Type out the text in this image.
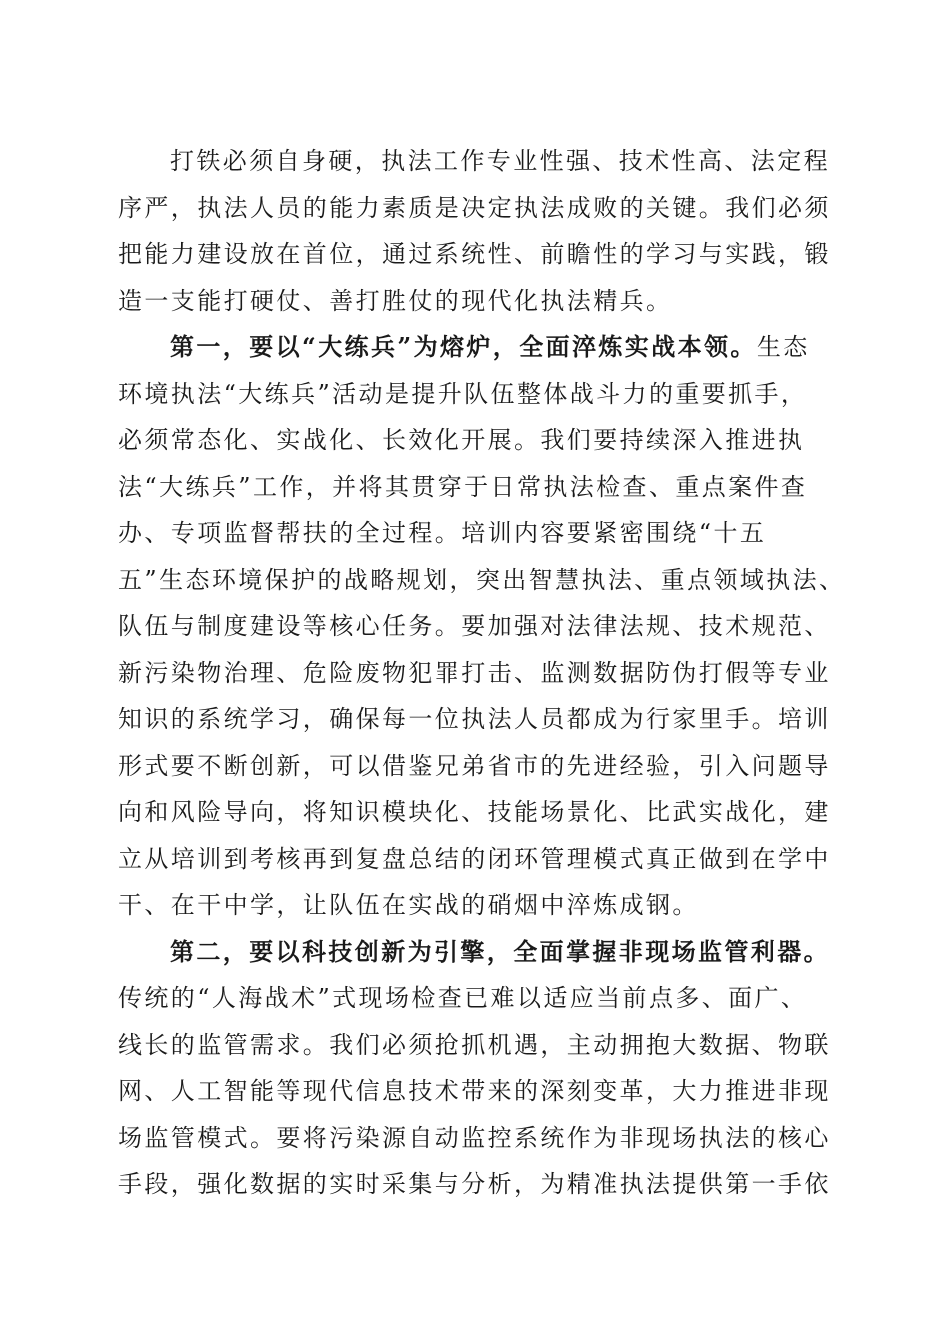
打铁必须自身硬，执法工作专业性强、技术性高、法定程
序严，执法人员的能力素质是决定执法成败的关键。我们必须
把能力建设放在首位，通过系统性、前瞻性的学习与实践，锻
造一支能打硬仗、善打胜仗的现代化执法精兵。
第一，要以“大练兵”为熔炉，全面淬炼实战本领。生态
环境执法“大练兵”活动是提升队伍整体战斗力的重要抓手，
必须常态化、实战化、长效化开展。我们要持续深入推进执
法“大练兵”工作，并将其贯穿于日常执法检查、重点案件查
办、专项监督帮扶的全过程。培训内容要紧密围绕“十五
五”生态环境保护的战略规划，突出智慧执法、重点领域执法、
队伍与制度建设等核心任务。要加强对法律法规、技术规范、
新污染物治理、危险废物犯罪打击、监测数据防伪打假等专业
知识的系统学习，确保每一位执法人员都成为行家里手。培训
形式要不断创新，可以借鉴兄弟省市的先进经验，引入问题导
向和风险导向，将知识模块化、技能场景化、比武实战化，建
立从培训到考核再到复盘总结的闭环管理模式真正做到在学中
干、在干中学，让队伍在实战的硝烟中淬炼成钢。
第二，要以科技创新为引擎，全面掌握非现场监管利器。
传统的“人海战术”式现场检查已难以适应当前点多、面广、
线长的监管需求。我们必须抢抓机遇，主动拥抱大数据、物联
网、人工智能等现代信息技术带来的深刻变革，大力推进非现
场监管模式。要将污染源自动监控系统作为非现场执法的核心
手段，强化数据的实时采集与分析，为精准执法提供第一手依
